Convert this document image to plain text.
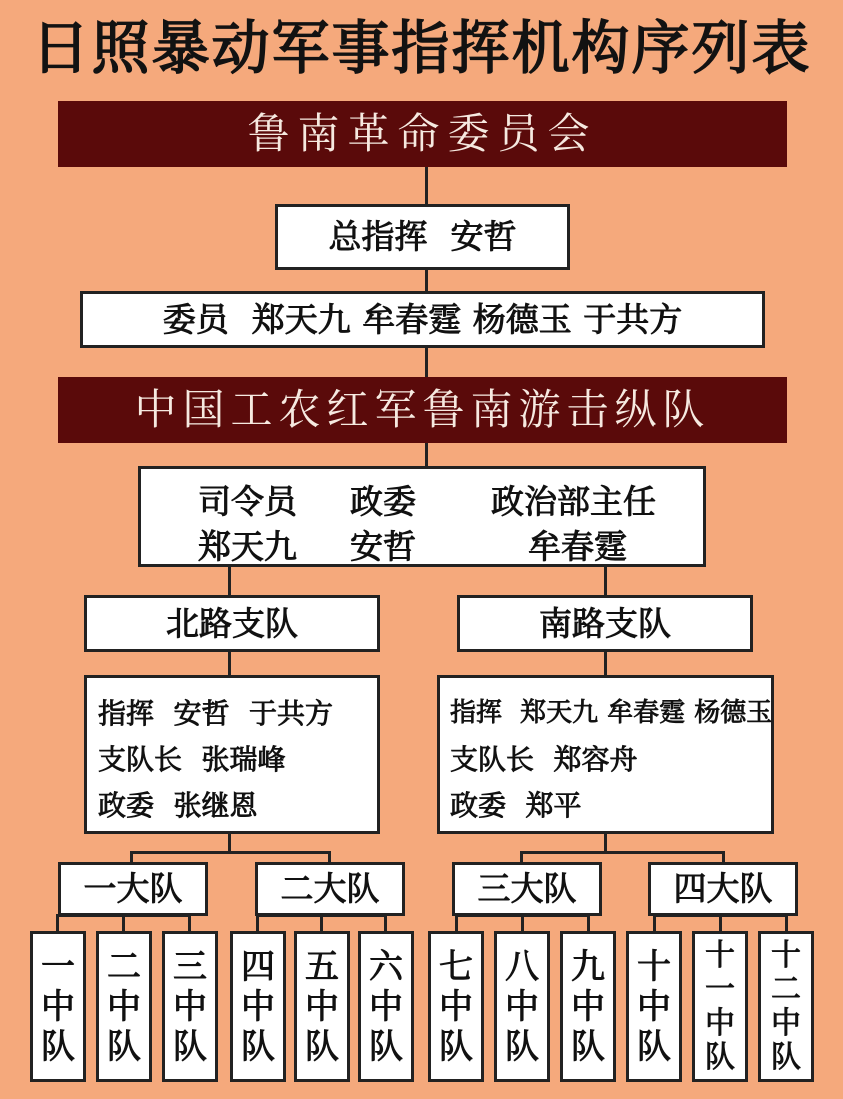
日照暴动军事指挥机构序列表
鲁南革命委员会
总指挥  安哲
委员  郑天九 牟春霆 杨德玉 于共方
中国工农红军鲁南游击纵队
司令员 政委 政治部主任
郑天九 安哲	牟春霆
北路支队
指挥  安哲  于共方
支队长  张瑞峰
政委  张继恩
南路支队
指挥  郑天九 牟春霆 杨德玉
支队长  郑容舟
政委  郑平
一大队	二大队	三大队	四大队
一
中
队
二
中
队
三
中
队
四
中
队
五
中
队
六
中
队
七
中
队
八
中
队
九
中
队
十
中
队
十
一
中
队
十
二
中
队
